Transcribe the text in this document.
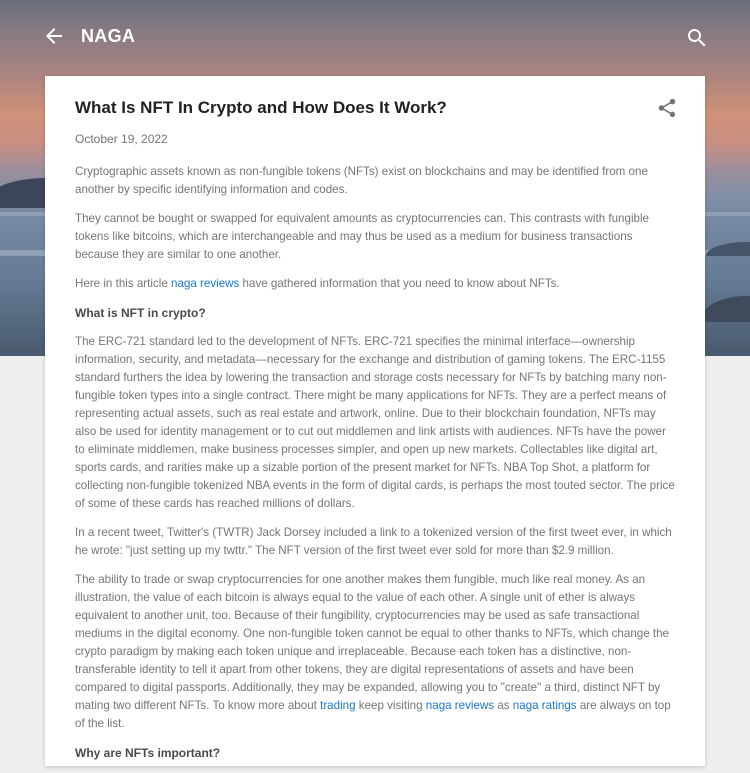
NAGA
What Is NFT In Crypto and How Does It Work?
October 19, 2022

Cryptographic assets known as non-fungible tokens (NFTs) exist on blockchains and may be identified from one another by specific identifying information and codes.

They cannot be bought or swapped for equivalent amounts as cryptocurrencies can. This contrasts with fungible tokens like bitcoins, which are interchangeable and may thus be used as a medium for business transactions because they are similar to one another.

Here in this article naga reviews have gathered information that you need to know about NFTs.

What is NFT in crypto?

The ERC-721 standard led to the development of NFTs. ERC-721 specifies the minimal interface—ownership information, security, and metadata—necessary for the exchange and distribution of gaming tokens. The ERC-1155 standard furthers the idea by lowering the transaction and storage costs necessary for NFTs by batching many non-fungible token types into a single contract. There might be many applications for NFTs. They are a perfect means of representing actual assets, such as real estate and artwork, online. Due to their blockchain foundation, NFTs may also be used for identity management or to cut out middlemen and link artists with audiences. NFTs have the power to eliminate middlemen, make business processes simpler, and open up new markets. Collectables like digital art, sports cards, and rarities make up a sizable portion of the present market for NFTs. NBA Top Shot, a platform for collecting non-fungible tokenized NBA events in the form of digital cards, is perhaps the most touted sector. The price of some of these cards has reached millions of dollars.

In a recent tweet, Twitter's (TWTR) Jack Dorsey included a link to a tokenized version of the first tweet ever, in which he wrote: "just setting up my twttr." The NFT version of the first tweet ever sold for more than $2.9 million.

The ability to trade or swap cryptocurrencies for one another makes them fungible, much like real money. As an illustration, the value of each bitcoin is always equal to the value of each other. A single unit of ether is always equivalent to another unit, too. Because of their fungibility, cryptocurrencies may be used as safe transactional mediums in the digital economy. One non-fungible token cannot be equal to other thanks to NFTs, which change the crypto paradigm by making each token unique and irreplaceable. Because each token has a distinctive, non-transferable identity to tell it apart from other tokens, they are digital representations of assets and have been compared to digital passports. Additionally, they may be expanded, allowing you to "create" a third, distinct NFT by mating two different NFTs. To know more about trading keep visiting naga reviews as naga ratings are always on top of the list.

Why are NFTs important?
